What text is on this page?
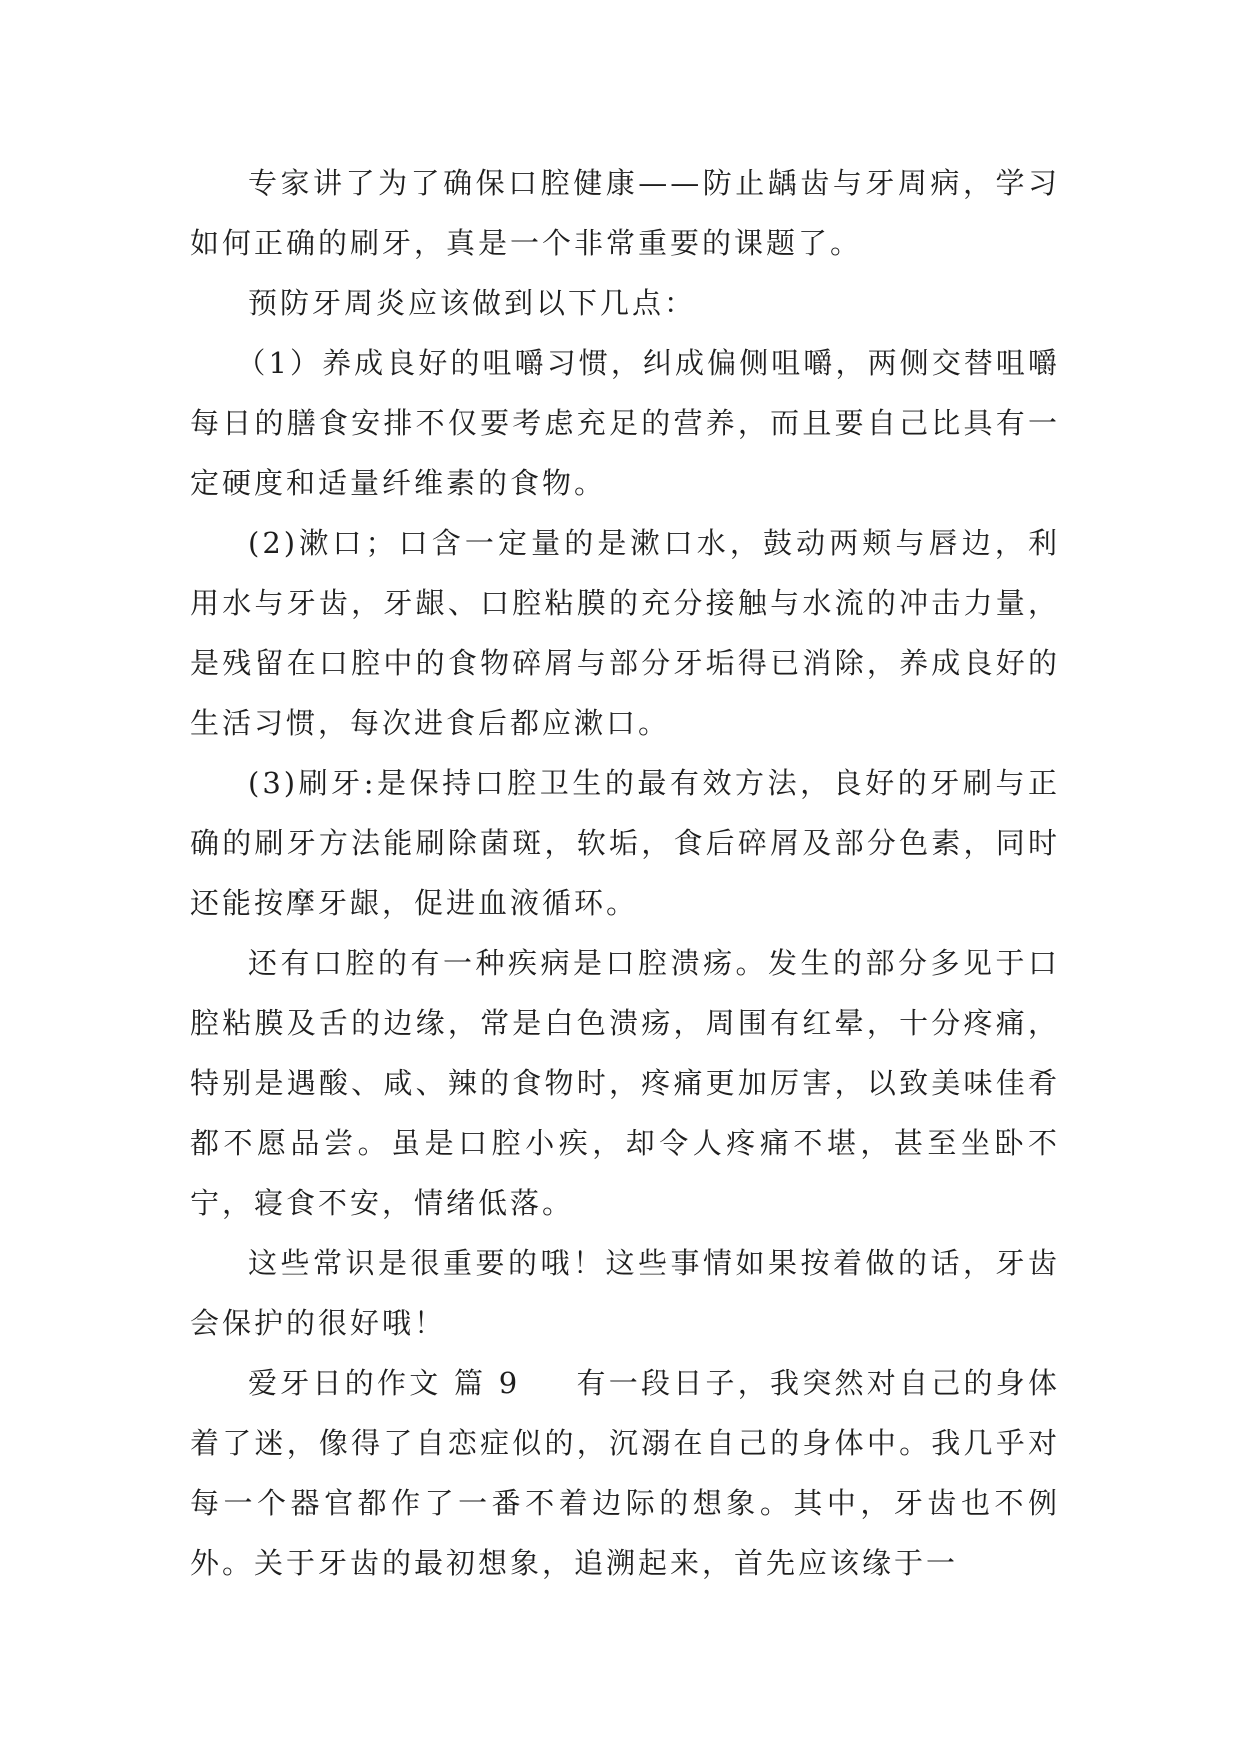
专家讲了为了确保口腔健康——防止龋齿与牙周病，学习如何正确的刷牙，真是一个非常重要的课题了。

预防牙周炎应该做到以下几点：

（1）养成良好的咀嚼习惯，纠成偏侧咀嚼，两侧交替咀嚼每日的膳食安排不仅要考虑充足的营养，而且要自己比具有一定硬度和适量纤维素的食物。

(2)漱口；口含一定量的是漱口水，鼓动两颊与唇边，利用水与牙齿，牙龈、口腔粘膜的充分接触与水流的冲击力量，是残留在口腔中的食物碎屑与部分牙垢得已消除，养成良好的生活习惯，每次进食后都应漱口。

(3)刷牙:是保持口腔卫生的最有效方法，良好的牙刷与正确的刷牙方法能刷除菌斑，软垢，食后碎屑及部分色素，同时还能按摩牙龈，促进血液循环。

还有口腔的有一种疾病是口腔溃疡。发生的部分多见于口腔粘膜及舌的边缘，常是白色溃疡，周围有红晕，十分疼痛，特别是遇酸、咸、辣的食物时，疼痛更加厉害，以致美味佳肴都不愿品尝。虽是口腔小疾，却令人疼痛不堪，甚至坐卧不宁，寝食不安，情绪低落。

这些常识是很重要的哦！这些事情如果按着做的话，牙齿会保护的很好哦！

爱牙日的作文 篇 9 有一段日子，我突然对自己的身体着了迷，像得了自恋症似的，沉溺在自己的身体中。我几乎对每一个器官都作了一番不着边际的想象。其中，牙齿也不例外。关于牙齿的最初想象，追溯起来，首先应该缘于一
